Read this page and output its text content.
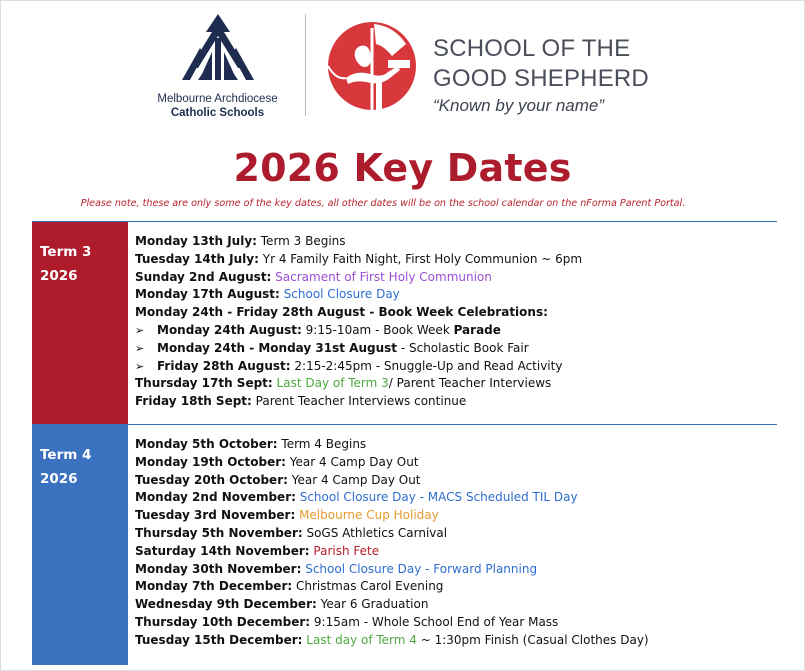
Melbourne Archdiocese
Catholic Schools
SCHOOL OF THE
GOOD SHEPHERD
“Known by your name”
2026 Key Dates
Please note, these are only some of the key dates, all other dates will be on the school calendar on the nForma Parent Portal.
Term 3
2026
Monday 13th July: Term 3 Begins
Tuesday 14th July: Yr 4 Family Faith Night, First Holy Communion ~ 6pm
Sunday 2nd August: Sacrament of First Holy Communion
Monday 17th August: School Closure Day
Monday 24th - Friday 28th August - Book Week Celebrations:
➢ Monday 24th August: 9:15-10am - Book Week Parade
➢ Monday 24th - Monday 31st August - Scholastic Book Fair
➢ Friday 28th August: 2:15-2:45pm - Snuggle-Up and Read Activity
Thursday 17th Sept: Last Day of Term 3/ Parent Teacher Interviews
Friday 18th Sept: Parent Teacher Interviews continue
Term 4
2026
Monday 5th October: Term 4 Begins
Monday 19th October: Year 4 Camp Day Out
Tuesday 20th October: Year 4 Camp Day Out
Monday 2nd November: School Closure Day - MACS Scheduled TIL Day
Tuesday 3rd November: Melbourne Cup Holiday
Thursday 5th November: SoGS Athletics Carnival
Saturday 14th November: Parish Fete
Monday 30th November: School Closure Day - Forward Planning
Monday 7th December: Christmas Carol Evening
Wednesday 9th December: Year 6 Graduation
Thursday 10th December: 9:15am - Whole School End of Year Mass
Tuesday 15th December: Last day of Term 4 ~ 1:30pm Finish (Casual Clothes Day)
